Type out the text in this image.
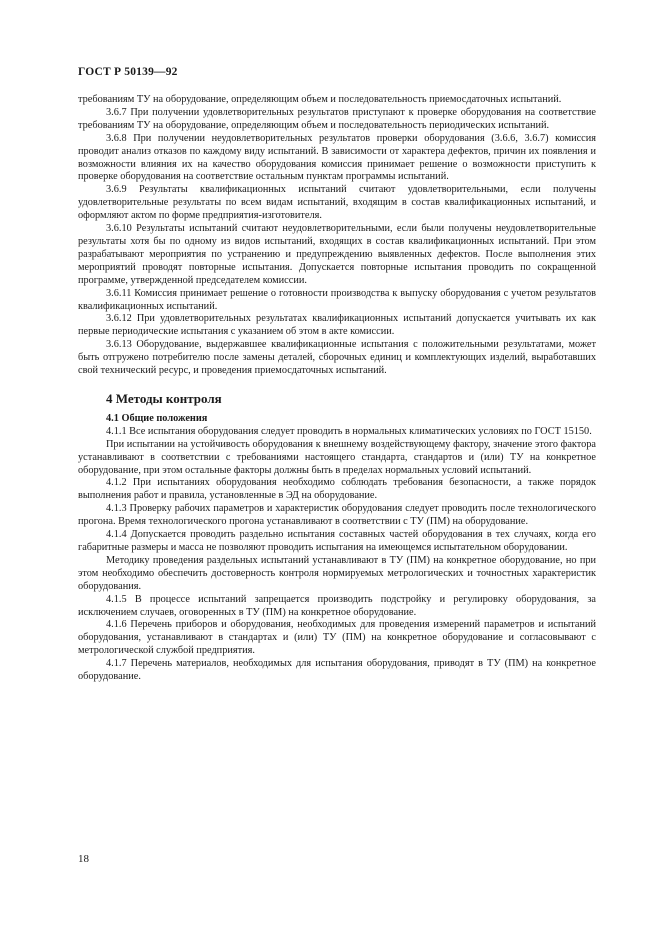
ГОСТ Р 50139—92

требованиям ТУ на оборудование, определяющим объем и последовательность приемосдаточных испытаний.

3.6.7 При получении удовлетворительных результатов приступают к проверке оборудования на соответствие требованиям ТУ на оборудование, определяющим объем и последовательность периодических испытаний.

3.6.8 При получении неудовлетворительных результатов проверки оборудования (3.6.6, 3.6.7) комиссия проводит анализ отказов по каждому виду испытаний. В зависимости от характера дефектов, причин их появления и возможности влияния их на качество оборудования комиссия принимает решение о возможности приступить к проверке оборудования на соответствие остальным пунктам программы испытаний.

3.6.9 Результаты квалификационных испытаний считают удовлетворительными, если получены удовлетворительные результаты по всем видам испытаний, входящим в состав квалификационных испытаний, и оформляют актом по форме предприятия-изготовителя.

3.6.10 Результаты испытаний считают неудовлетворительными, если были получены неудовлетворительные результаты хотя бы по одному из видов испытаний, входящих в состав квалификационных испытаний. При этом разрабатывают мероприятия по устранению и предупреждению выявленных дефектов. После выполнения этих мероприятий проводят повторные испытания. Допускается повторные испытания проводить по сокращенной программе, утвержденной председателем комиссии.

3.6.11 Комиссия принимает решение о готовности производства к выпуску оборудования с учетом результатов квалификационных испытаний.

3.6.12 При удовлетворительных результатах квалификационных испытаний допускается учитывать их как первые периодические испытания с указанием об этом в акте комиссии.

3.6.13 Оборудование, выдержавшее квалификационные испытания с положительными результатами, может быть отгружено потребителю после замены деталей, сборочных единиц и комплектующих изделий, выработавших свой технический ресурс, и проведения приемосдаточных испытаний.

4 Методы контроля
4.1 Общие положения

4.1.1 Все испытания оборудования следует проводить в нормальных климатических условиях по ГОСТ 15150.

При испытании на устойчивость оборудования к внешнему воздействующему фактору, значение этого фактора устанавливают в соответствии с требованиями настоящего стандарта, стандартов и (или) ТУ на конкретное оборудование, при этом остальные факторы должны быть в пределах нормальных условий испытаний.

4.1.2 При испытаниях оборудования необходимо соблюдать требования безопасности, а также порядок выполнения работ и правила, установленные в ЭД на оборудование.

4.1.3 Проверку рабочих параметров и характеристик оборудования следует проводить после технологического прогона. Время технологического прогона устанавливают в соответствии с ТУ (ПМ) на оборудование.

4.1.4 Допускается проводить раздельно испытания составных частей оборудования в тех случаях, когда его габаритные размеры и масса не позволяют проводить испытания на имеющемся испытательном оборудовании.

Методику проведения раздельных испытаний устанавливают в ТУ (ПМ) на конкретное оборудование, но при этом необходимо обеспечить достоверность контроля нормируемых метрологических и точностных характеристик оборудования.

4.1.5 В процессе испытаний запрещается производить подстройку и регулировку оборудования, за исключением случаев, оговоренных в ТУ (ПМ) на конкретное оборудование.

4.1.6 Перечень приборов и оборудования, необходимых для проведения измерений параметров и испытаний оборудования, устанавливают в стандартах и (или) ТУ (ПМ) на конкретное оборудование и согласовывают с метрологической службой предприятия.

4.1.7 Перечень материалов, необходимых для испытания оборудования, приводят в ТУ (ПМ) на конкретное оборудование.

18
